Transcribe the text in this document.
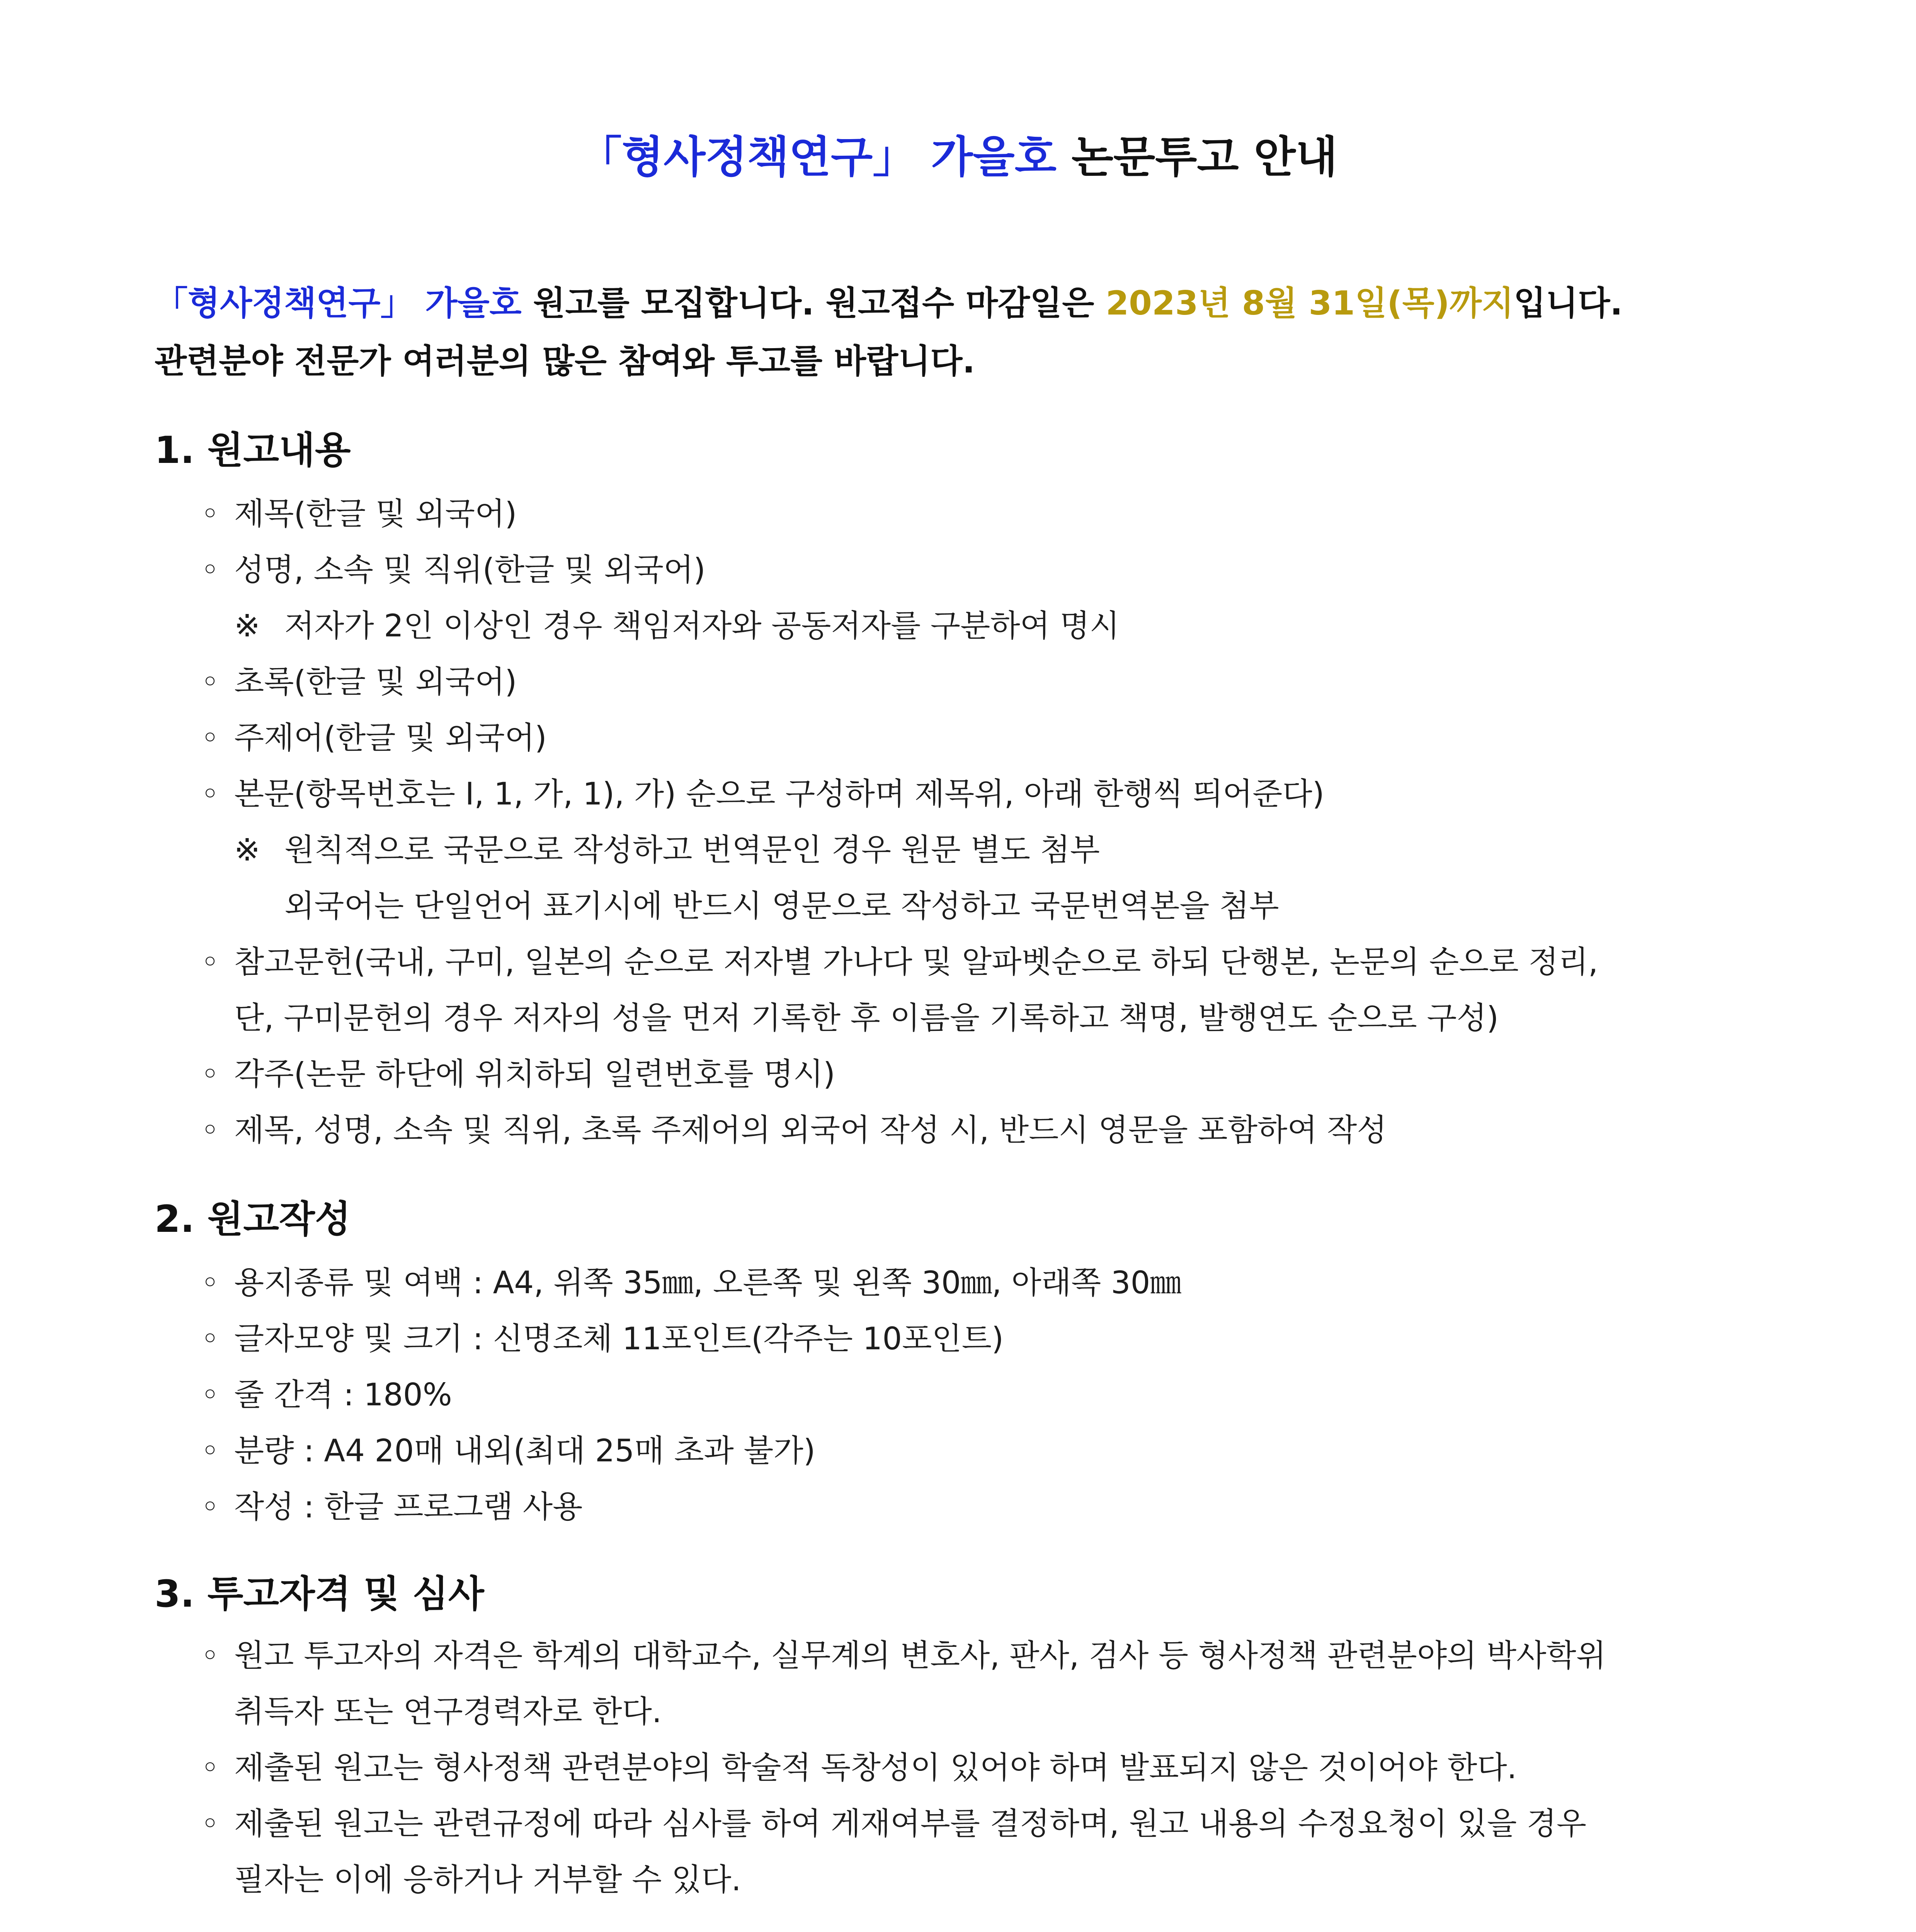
「형사정책연구」 가을호 논문투고 안내
「형사정책연구」 가을호 원고를 모집합니다. 원고접수 마감일은 2023년 8월 31일(목)까지입니다.
관련분야 전문가 여러분의 많은 참여와 투고를 바랍니다.
1. 원고내용
◦ 제목(한글 및 외국어)
◦ 성명, 소속 및 직위(한글 및 외국어)
※ 저자가 2인 이상인 경우 책임저자와 공동저자를 구분하여 명시
◦ 초록(한글 및 외국어)
◦ 주제어(한글 및 외국어)
◦ 본문(항목번호는 Ⅰ, 1, 가, 1), 가) 순으로 구성하며 제목위, 아래 한행씩 띄어준다)
※ 원칙적으로 국문으로 작성하고 번역문인 경우 원문 별도 첨부
외국어는 단일언어 표기시에 반드시 영문으로 작성하고 국문번역본을 첨부
◦ 참고문헌(국내, 구미, 일본의 순으로 저자별 가나다 및 알파벳순으로 하되 단행본, 논문의 순으로 정리,
단, 구미문헌의 경우 저자의 성을 먼저 기록한 후 이름을 기록하고 책명, 발행연도 순으로 구성)
◦ 각주(논문 하단에 위치하되 일련번호를 명시)
◦ 제목, 성명, 소속 및 직위, 초록 주제어의 외국어 작성 시, 반드시 영문을 포함하여 작성
2. 원고작성
◦ 용지종류 및 여백 : A4, 위쪽 35㎜, 오른쪽 및 왼쪽 30㎜, 아래쪽 30㎜
◦ 글자모양 및 크기 : 신명조체 11포인트(각주는 10포인트)
◦ 줄 간격 : 180%
◦ 분량 : A4 20매 내외(최대 25매 초과 불가)
◦ 작성 : 한글 프로그램 사용
3. 투고자격 및 심사
◦ 원고 투고자의 자격은 학계의 대학교수, 실무계의 변호사, 판사, 검사 등 형사정책 관련분야의 박사학위
취득자 또는 연구경력자로 한다.
◦ 제출된 원고는 형사정책 관련분야의 학술적 독창성이 있어야 하며 발표되지 않은 것이어야 한다.
◦ 제출된 원고는 관련규정에 따라 심사를 하여 게재여부를 결정하며, 원고 내용의 수정요청이 있을 경우
필자는 이에 응하거나 거부할 수 있다.
